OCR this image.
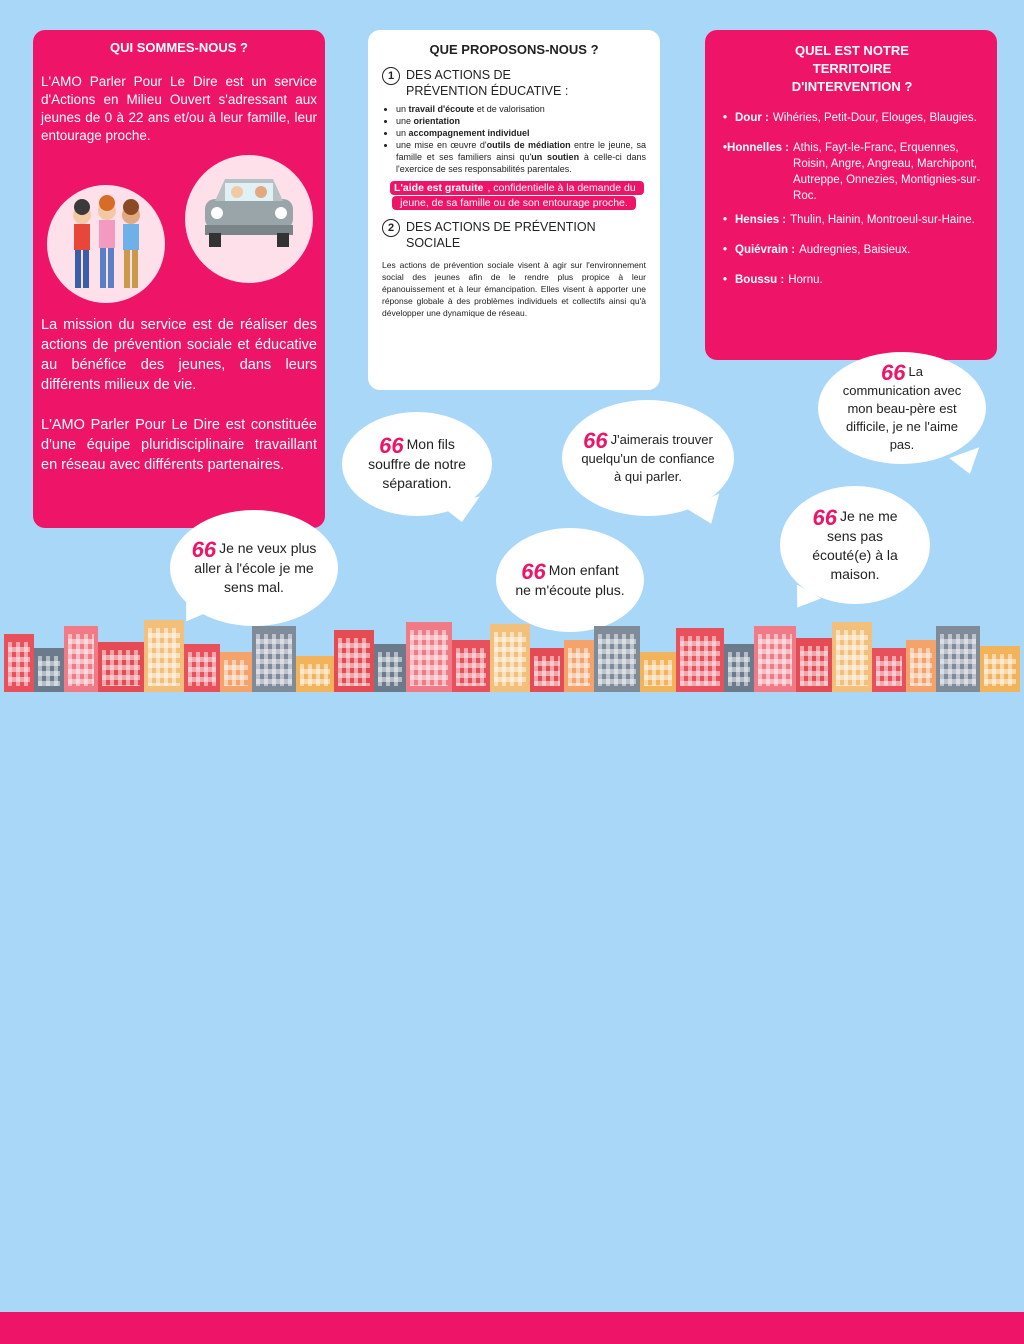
QUI SOMMES-NOUS ?

L'AMO Parler Pour Le Dire est un service d'Actions en Milieu Ouvert s'adressant aux jeunes de 0 à 22 ans et/ou à leur famille, leur entourage proche.

La mission du service est de réaliser des actions de prévention sociale et éducative au bénéfice des jeunes, dans leurs différents milieux de vie.

L'AMO Parler Pour Le Dire est constituée d'une équipe pluridisciplinaire travaillant en réseau avec différents partenaires.

QUE PROPOSONS-NOUS ?
1 DES ACTIONS DE PRÉVENTION ÉDUCATIVE :
• un travail d'écoute et de valorisation
• une orientation
• un accompagnement individuel
• une mise en œuvre d'outils de médiation entre le jeune, sa famille et ses familiers ainsi qu'un soutien à celle-ci dans l'exercice de ses responsabilités parentales.
L'aide est gratuite , confidentielle à la demande du jeune, de sa famille ou de son entourage proche.
2 DES ACTIONS DE PRÉVENTION SOCIALE
Les actions de prévention sociale visent à agir sur l'environnement social des jeunes afin de le rendre plus propice à leur épanouissement et à leur émancipation. Elles visent à apporter une réponse globale à des problèmes individuels et collectifs ainsi qu'à développer une dynamique de réseau.
QUEL EST NOTRE TERRITOIRE D'INTERVENTION ?
• Dour : Wihéries, Petit-Dour, Elouges, Blaugies.
• Honnelles : Athis, Fayt-le-Franc, Erquennes, Roisin, Angre, Angreau, Marchipont, Autreppe, Onnezies, Montignies-sur-Roc.
• Hensies : Thulin, Hainin, Montroeul-sur-Haine.
• Quiévrain : Audregnies, Baisieux.
• Boussu : Hornu.
66 Mon fils souffre de notre séparation.
66 J'aimerais trouver quelqu'un de confiance à qui parler.
66 La communication avec mon beau-père est difficile, je ne l'aime pas.
66 Je ne veux plus aller à l'école je me sens mal.
66 Mon enfant ne m'écoute plus.
66 Je ne me sens pas écouté(e) à la maison.
